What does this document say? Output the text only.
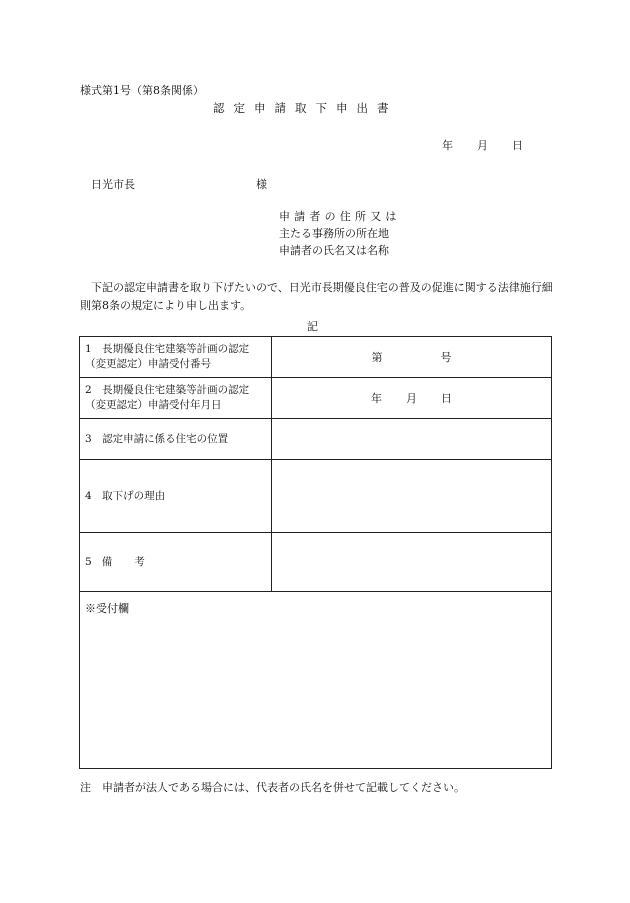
様式第1号（第8条関係）
認定申請取下申出書
年 月 日
日光市長	様
申請者の住所又は
主たる事務所の所在地
申請者の氏名又は名称
　下記の認定申請書を取り下げたいので、日光市長期優良住宅の普及の促進に関する法律施行細則第8条の規定により申し出ます。
記
1　長期優良住宅建築等計画の認定
（変更認定）申請受付番号	第	号
2　長期優良住宅建築等計画の認定
（変更認定）申請受付年月日	年 月 日
3　認定申請に係る住宅の位置
4　取下げの理由
5 備 考
※受付欄
注　申請者が法人である場合には、代表者の氏名を併せて記載してください。
